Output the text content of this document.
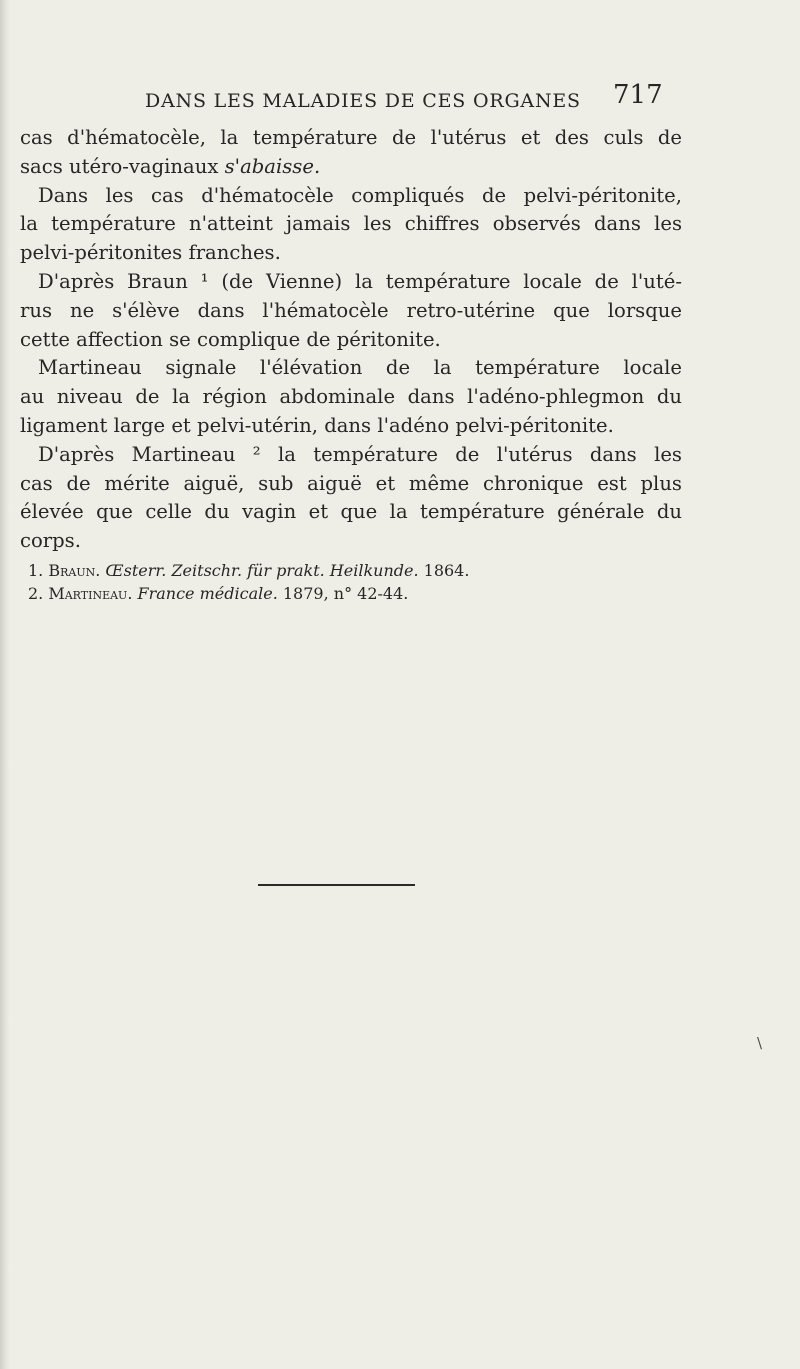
DANS LES MALADIES DE CES ORGANES 717
cas d'hématocèle, la température de l'utérus et des culs de
sacs utéro-vaginaux s'abaisse.
Dans les cas d'hématocèle compliqués de pelvi-péritonite,
la température n'atteint jamais les chiffres observés dans les
pelvi-péritonites franches.
D'après Braun ¹ (de Vienne) la température locale de l'uté-
rus ne s'élève dans l'hématocèle retro-utérine que lorsque
cette affection se complique de péritonite.
Martineau signale l'élévation de la température locale
au niveau de la région abdominale dans l'adéno-phlegmon du
ligament large et pelvi-utérin, dans l'adéno pelvi-péritonite.
D'après Martineau ² la température de l'utérus dans les
cas de mérite aiguë, sub aiguë et même chronique est plus
élevée que celle du vagin et que la température générale du
corps.
1. Braun. Œsterr. Zeitschr. für prakt. Heilkunde. 1864.
2. Martineau. France médicale. 1879, n° 42-44.
\
